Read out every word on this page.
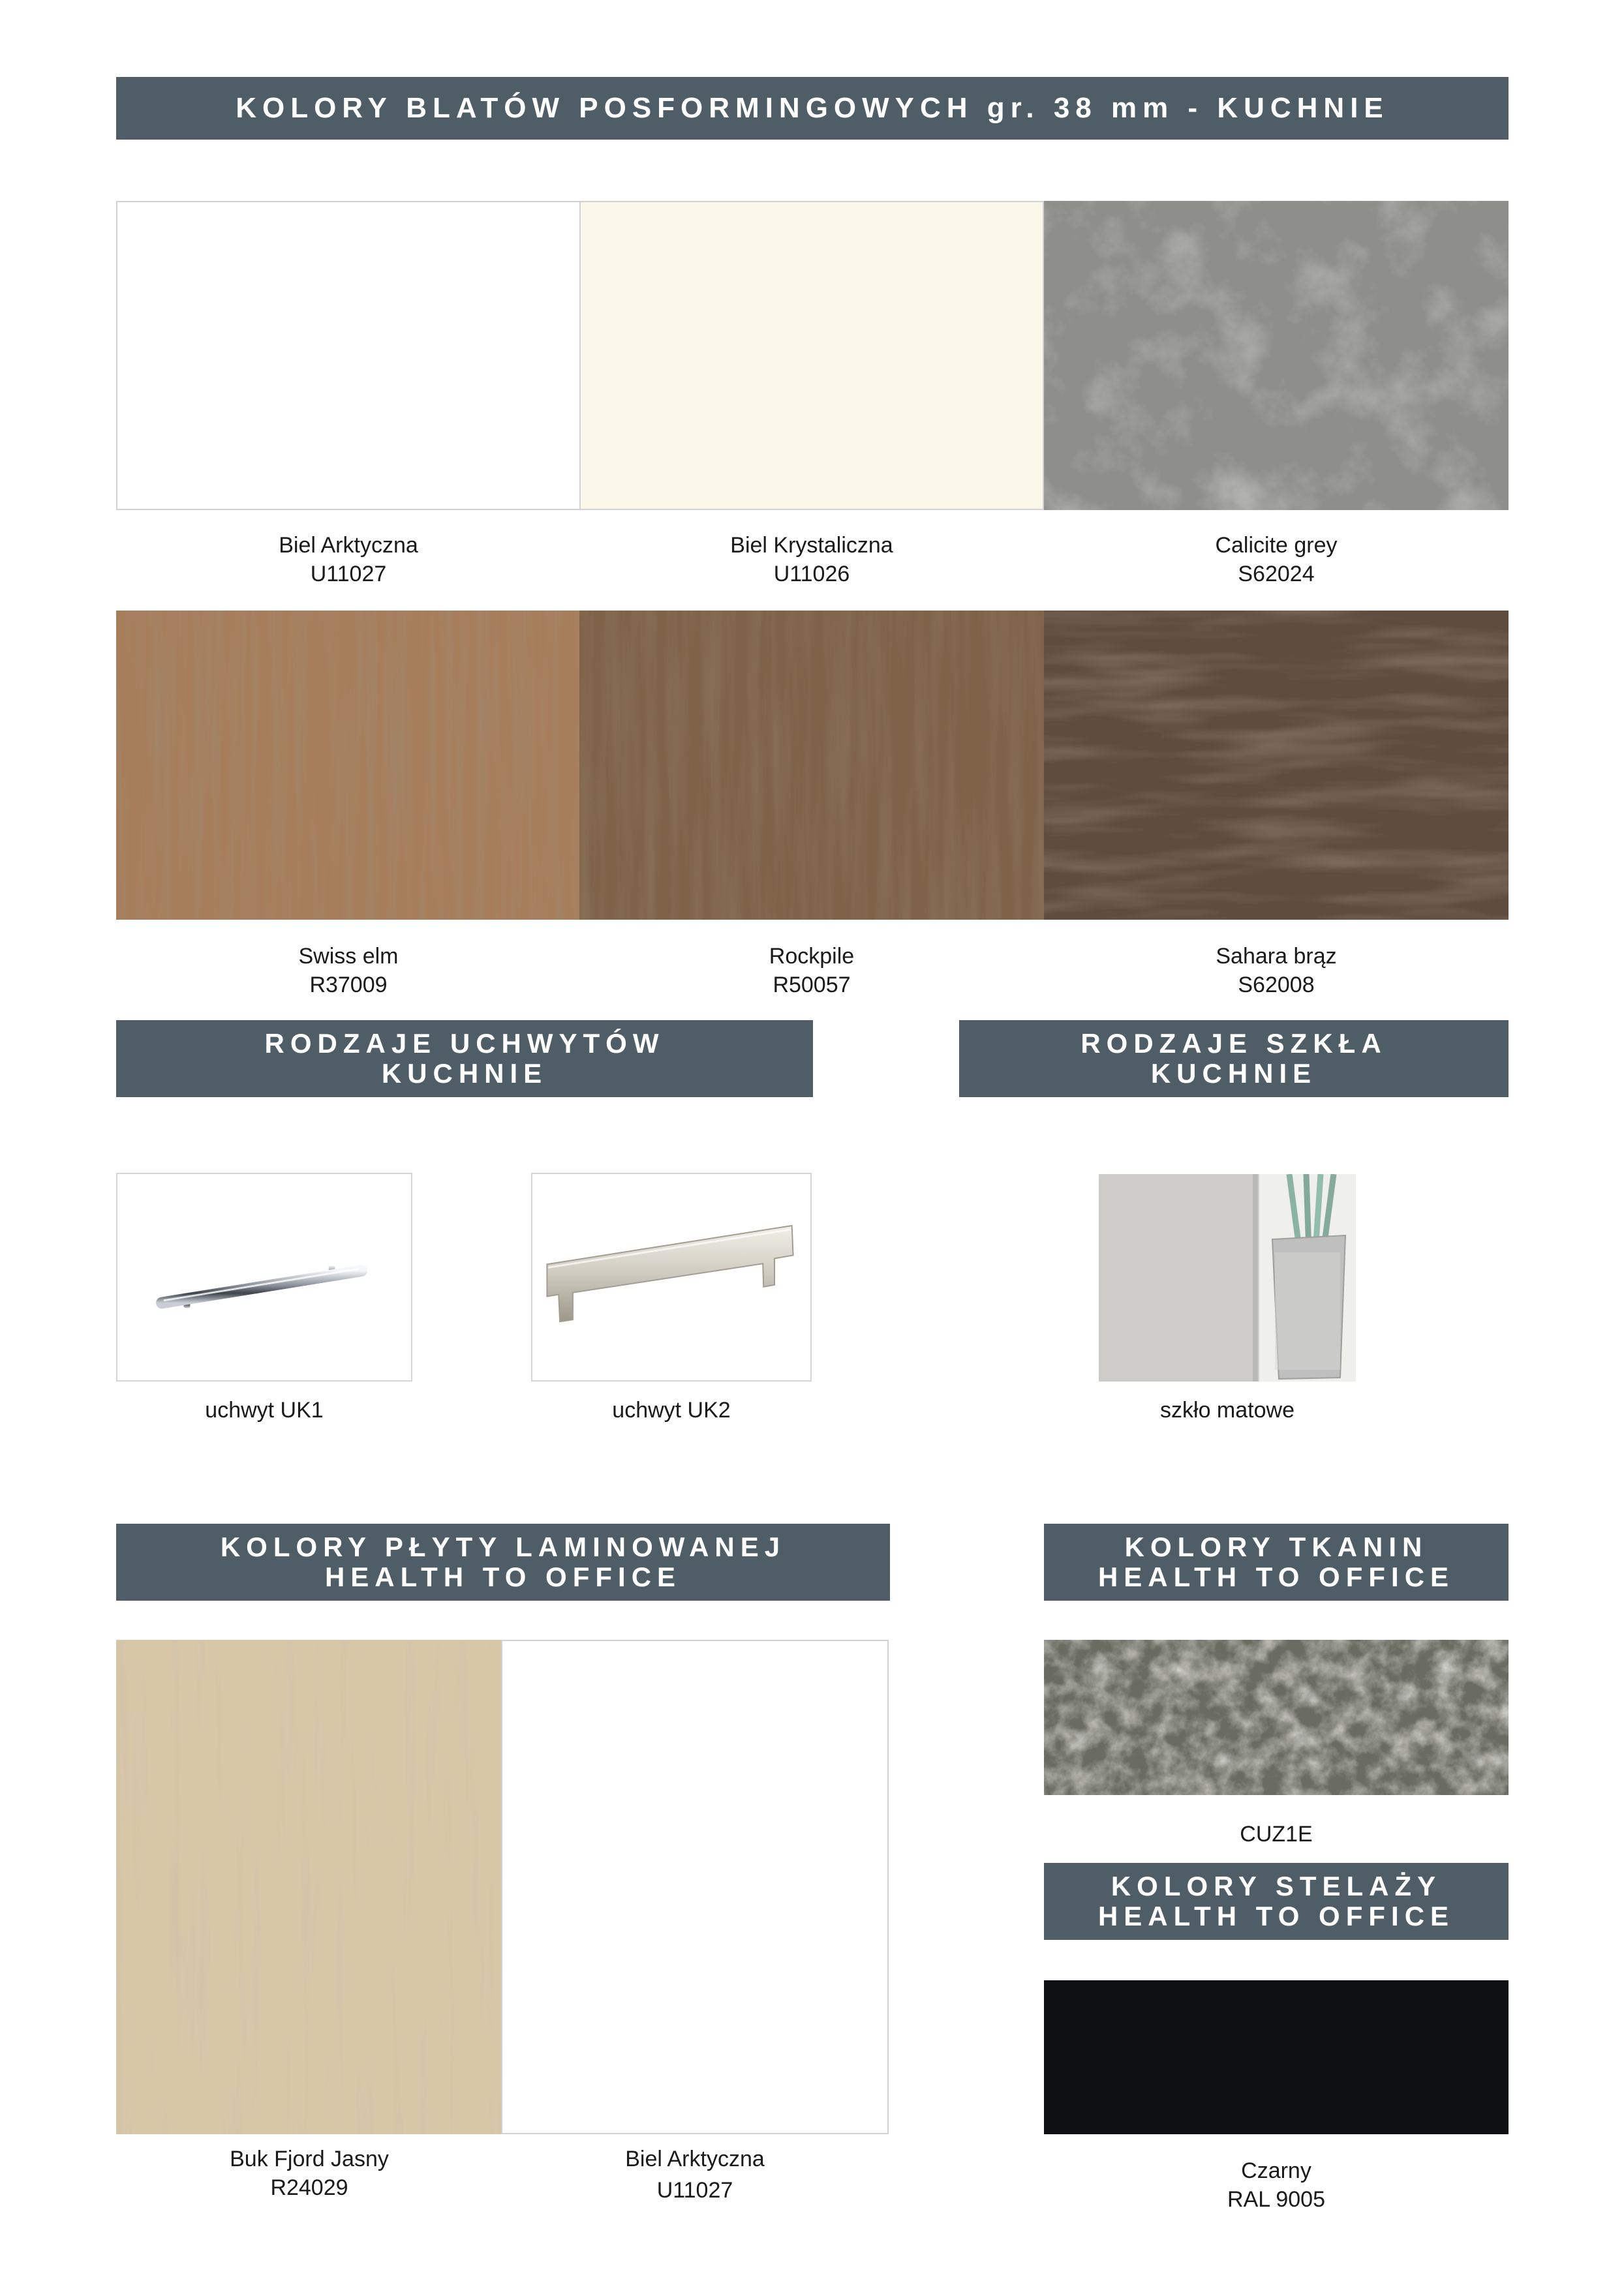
KOLORY BLATÓW POSFORMINGOWYCH gr. 38 mm - KUCHNIE
Biel Arktyczna
U11027
Biel Krystaliczna
U11026
Calicite grey
S62024
Swiss elm
R37009
Rockpile
R50057
Sahara brąz
S62008
RODZAJE UCHWYTÓW
KUCHNIE
RODZAJE SZKŁA
KUCHNIE
uchwyt UK1	uchwyt UK2	szkło matowe
KOLORY PŁYTY LAMINOWANEJ
HEALTH TO OFFICE
KOLORY TKANIN
HEALTH TO OFFICE
Buk Fjord Jasny
R24029
Biel Arktyczna
U11027
CUZ1E
KOLORY STELAŻY
HEALTH TO OFFICE
Czarny
RAL 9005
